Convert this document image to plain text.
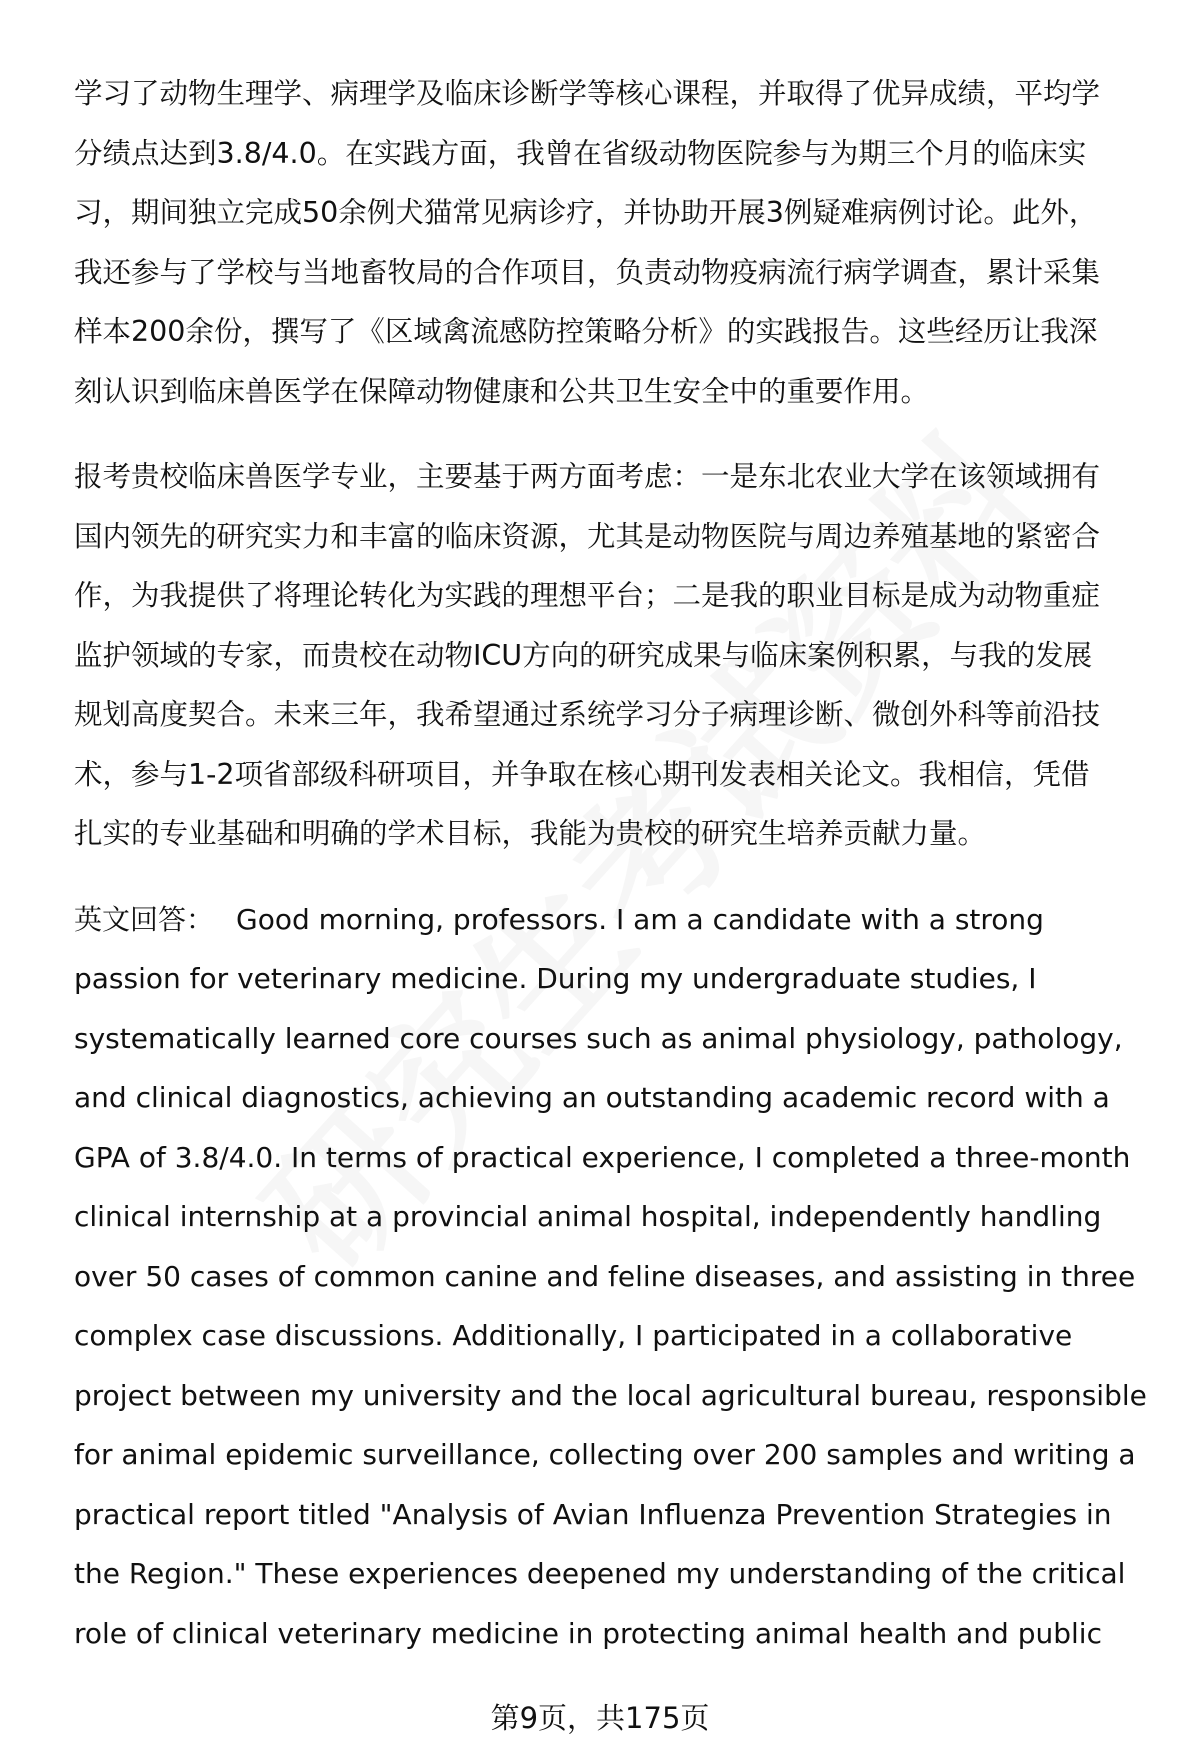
学习了动物生理学、病理学及临床诊断学等核心课程，并取得了优异成绩，平均学
分绩点达到3.8/4.0。在实践方面，我曾在省级动物医院参与为期三个月的临床实
习，期间独立完成50余例犬猫常见病诊疗，并协助开展3例疑难病例讨论。此外，
我还参与了学校与当地畜牧局的合作项目，负责动物疫病流行病学调查，累计采集
样本200余份，撰写了《区域禽流感防控策略分析》的实践报告。这些经历让我深
刻认识到临床兽医学在保障动物健康和公共卫生安全中的重要作用。

报考贵校临床兽医学专业，主要基于两方面考虑：一是东北农业大学在该领域拥有
国内领先的研究实力和丰富的临床资源，尤其是动物医院与周边养殖基地的紧密合
作，为我提供了将理论转化为实践的理想平台；二是我的职业目标是成为动物重症
监护领域的专家，而贵校在动物ICU方向的研究成果与临床案例积累，与我的发展
规划高度契合。未来三年，我希望通过系统学习分子病理诊断、微创外科等前沿技
术，参与1-2项省部级科研项目，并争取在核心期刊发表相关论文。我相信，凭借
扎实的专业基础和明确的学术目标，我能为贵校的研究生培养贡献力量。

英文回答： Good morning, professors. I am a candidate with a strong
passion for veterinary medicine. During my undergraduate studies, I
systematically learned core courses such as animal physiology, pathology,
and clinical diagnostics, achieving an outstanding academic record with a
GPA of 3.8/4.0. In terms of practical experience, I completed a three-month
clinical internship at a provincial animal hospital, independently handling
over 50 cases of common canine and feline diseases, and assisting in three
complex case discussions. Additionally, I participated in a collaborative
project between my university and the local agricultural bureau, responsible
for animal epidemic surveillance, collecting over 200 samples and writing a
practical report titled "Analysis of Avian Influenza Prevention Strategies in
the Region." These experiences deepened my understanding of the critical
role of clinical veterinary medicine in protecting animal health and public

第9页，共175页
